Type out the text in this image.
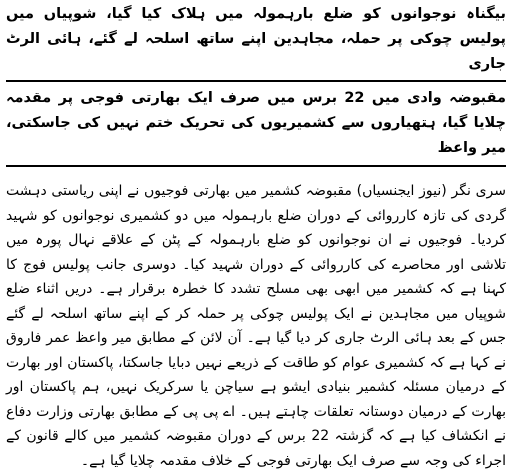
بیگناہ نوجوانوں کو ضلع بارہمولہ میں ہلاک کیا گیا، شوپیاں میں پولیس چوکی پر حملہ، مجاہدین اپنے ساتھ اسلحہ لے گئے، ہائی الرٹ جاری
مقبوضہ وادی میں 22 برس میں صرف ایک بھارتی فوجی پر مقدمہ چلایا گیا، ہتھیاروں سے کشمیریوں کی تحریک ختم نہیں کی جاسکتی، میر واعظ
سری نگر (نیوز ایجنسیاں) مقبوضہ کشمیر میں بھارتی فوجیوں نے اپنی ریاستی دہشت گردی کی تازہ کارروائی کے دوران ضلع بارہمولہ میں دو کشمیری نوجوانوں کو شہید کردیا۔ فوجیوں نے ان نوجوانوں کو ضلع بارہمولہ کے پٹن کے علاقے نہال پورہ میں تلاشی اور محاصرے کی کارروائی کے دوران شہید کیا۔ دوسری جانب پولیس فوج کا کہنا ہے کہ کشمیر میں ابھی بھی مسلح تشدد کا خطرہ برقرار ہے۔ دریں اثناء ضلع شوپیاں میں مجاہدین نے ایک پولیس چوکی پر حملہ کر کے اپنے ساتھ اسلحہ لے گئے جس کے بعد ہائی الرٹ جاری کر دیا گیا ہے۔ آن لائن کے مطابق میر واعظ عمر فاروق نے کہا ہے کہ کشمیری عوام کو طاقت کے ذریعے نہیں دبایا جاسکتا، پاکستان اور بھارت کے درمیان مسئلہ کشمیر بنیادی ایشو ہے سیاچن یا سرکریک نہیں، ہم پاکستان اور بھارت کے درمیان دوستانہ تعلقات چاہتے ہیں۔ اے پی پی کے مطابق بھارتی وزارت دفاع نے انکشاف کیا ہے کہ گزشتہ 22 برس کے دوران مقبوضہ کشمیر میں کالے قانون کے اجراء کی وجہ سے صرف ایک بھارتی فوجی کے خلاف مقدمہ چلایا گیا ہے۔
